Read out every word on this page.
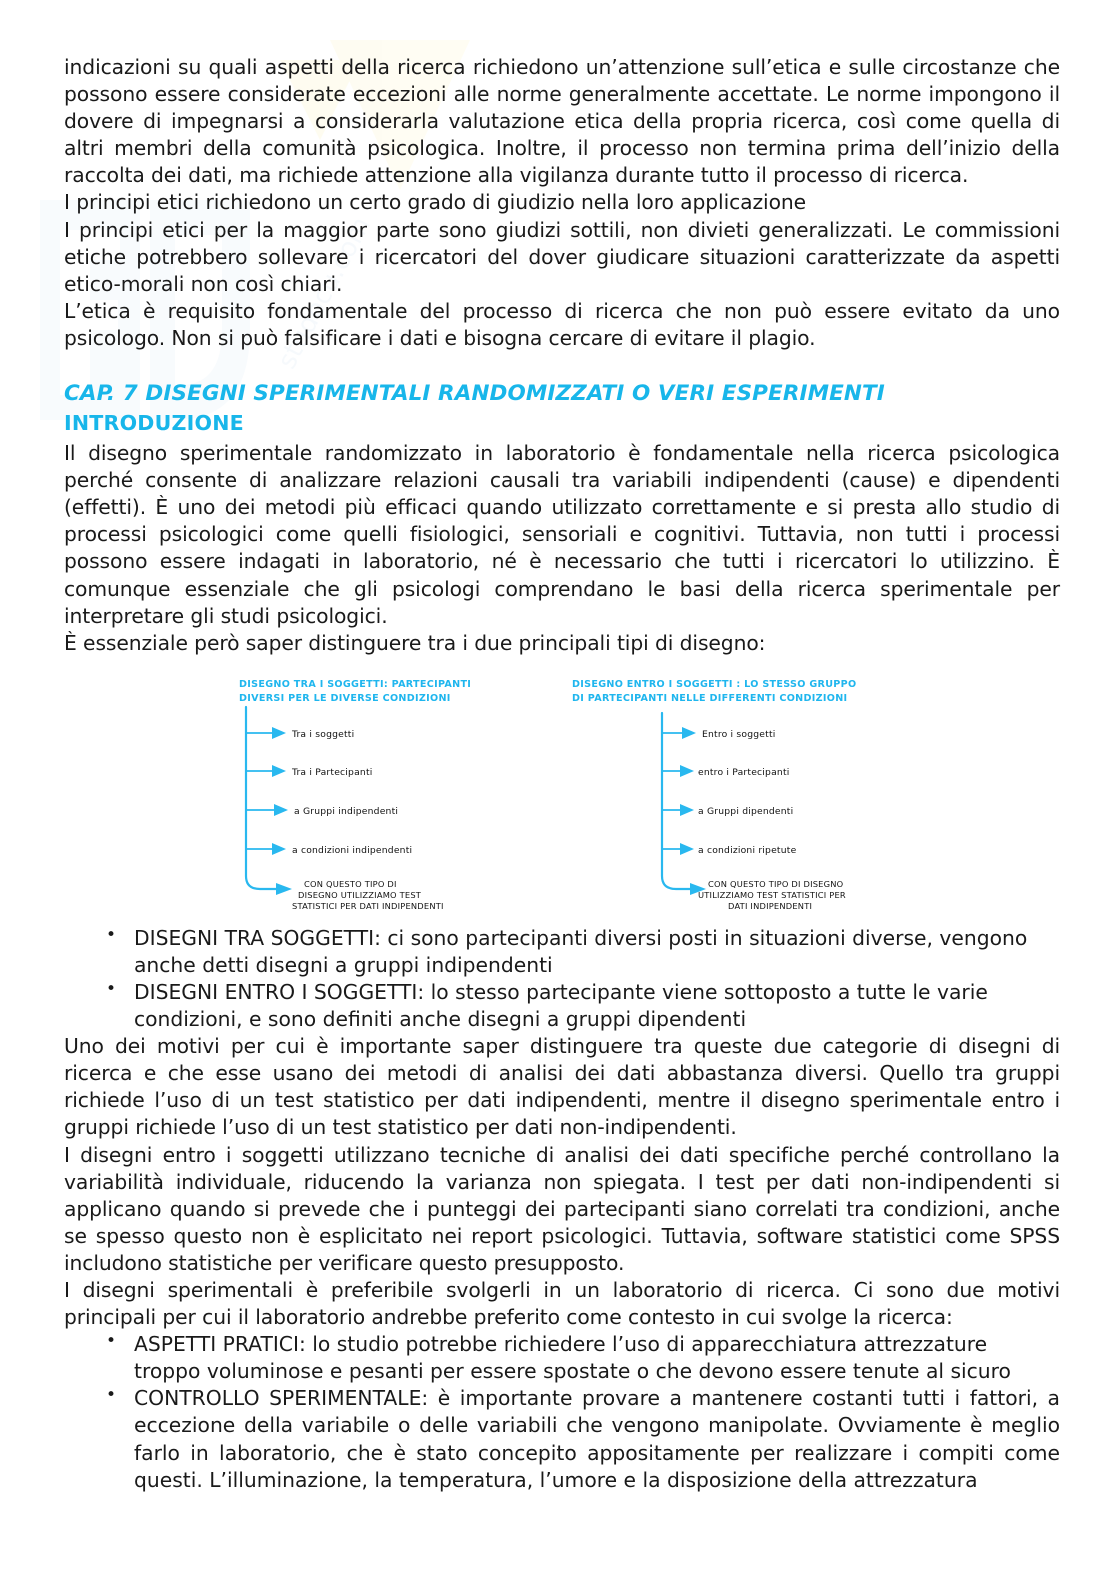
studocu.com

indicazioni su quali aspetti della ricerca richiedono un’attenzione sull’etica e sulle circostanze che possono essere considerate eccezioni alle norme generalmente accettate. Le norme impongono il dovere di impegnarsi a considerarla valutazione etica della propria ricerca, così come quella di altri membri della comunità psicologica. Inoltre, il processo non termina prima dell’inizio della raccolta dei dati, ma richiede attenzione alla vigilanza durante tutto il processo di ricerca.

I principi etici richiedono un certo grado di giudizio nella loro applicazione

I principi etici per la maggior parte sono giudizi sottili, non divieti generalizzati. Le commissioni etiche potrebbero sollevare i ricercatori del dover giudicare situazioni caratterizzate da aspetti etico-morali non così chiari.

L’etica è requisito fondamentale del processo di ricerca che non può essere evitato da uno psicologo. Non si può falsificare i dati e bisogna cercare di evitare il plagio.

CAP. 7 DISEGNI SPERIMENTALI RANDOMIZZATI O VERI ESPERIMENTI
INTRODUZIONE

Il disegno sperimentale randomizzato in laboratorio è fondamentale nella ricerca psicologica perché consente di analizzare relazioni causali tra variabili indipendenti (cause) e dipendenti (effetti). È uno dei metodi più efficaci quando utilizzato correttamente e si presta allo studio di processi psicologici come quelli fisiologici, sensoriali e cognitivi. Tuttavia, non tutti i processi possono essere indagati in laboratorio, né è necessario che tutti i ricercatori lo utilizzino. È comunque essenziale che gli psicologi comprendano le basi della ricerca sperimentale per interpretare gli studi psicologici.

È essenziale però saper distinguere tra i due principali tipi di disegno:

DISEGNO TRA I SOGGETTI: PARTECIPANTI
DIVERSI PER LE DIVERSE CONDIZIONI
Tra i soggetti
Tra i Partecipanti
a Gruppi indipendenti
a condizioni indipendenti
CON QUESTO TIPO DI
DISEGNO UTILIZZIAMO TEST
STATISTICI PER DATI INDIPENDENTI
DISEGNO ENTRO I SOGGETTI : LO STESSO GRUPPO
DI PARTECIPANTI NELLE DIFFERENTI CONDIZIONI
Entro i soggetti
entro i Partecipanti
a Gruppi dipendenti
a condizioni ripetute
CON QUESTO TIPO DI DISEGNO
UTILIZZIAMO TEST STATISTICI PER
DATI INDIPENDENTI
• DISEGNI TRA SOGGETTI: ci sono partecipanti diversi posti in situazioni diverse, vengono
anche detti disegni a gruppi indipendenti
• DISEGNI ENTRO I SOGGETTI: lo stesso partecipante viene sottoposto a tutte le varie
condizioni, e sono definiti anche disegni a gruppi dipendenti

Uno dei motivi per cui è importante saper distinguere tra queste due categorie di disegni di ricerca e che esse usano dei metodi di analisi dei dati abbastanza diversi. Quello tra gruppi richiede l’uso di un test statistico per dati indipendenti, mentre il disegno sperimentale entro i gruppi richiede l’uso di un test statistico per dati non-indipendenti.

I disegni entro i soggetti utilizzano tecniche di analisi dei dati specifiche perché controllano la variabilità individuale, riducendo la varianza non spiegata. I test per dati non-indipendenti si applicano quando si prevede che i punteggi dei partecipanti siano correlati tra condizioni, anche se spesso questo non è esplicitato nei report psicologici. Tuttavia, software statistici come SPSS includono statistiche per verificare questo presupposto.

I disegni sperimentali è preferibile svolgerli in un laboratorio di ricerca. Ci sono due motivi principali per cui il laboratorio andrebbe preferito come contesto in cui svolge la ricerca:

• ASPETTI PRATICI: lo studio potrebbe richiedere l’uso di apparecchiatura attrezzature
troppo voluminose e pesanti per essere spostate o che devono essere tenute al sicuro
• CONTROLLO SPERIMENTALE: è importante provare a mantenere costanti tutti i fattori, a eccezione della variabile o delle variabili che vengono manipolate. Ovviamente è meglio farlo in laboratorio, che è stato concepito appositamente per realizzare i compiti come questi. L’illuminazione, la temperatura, l’umore e la disposizione della attrezzatura
